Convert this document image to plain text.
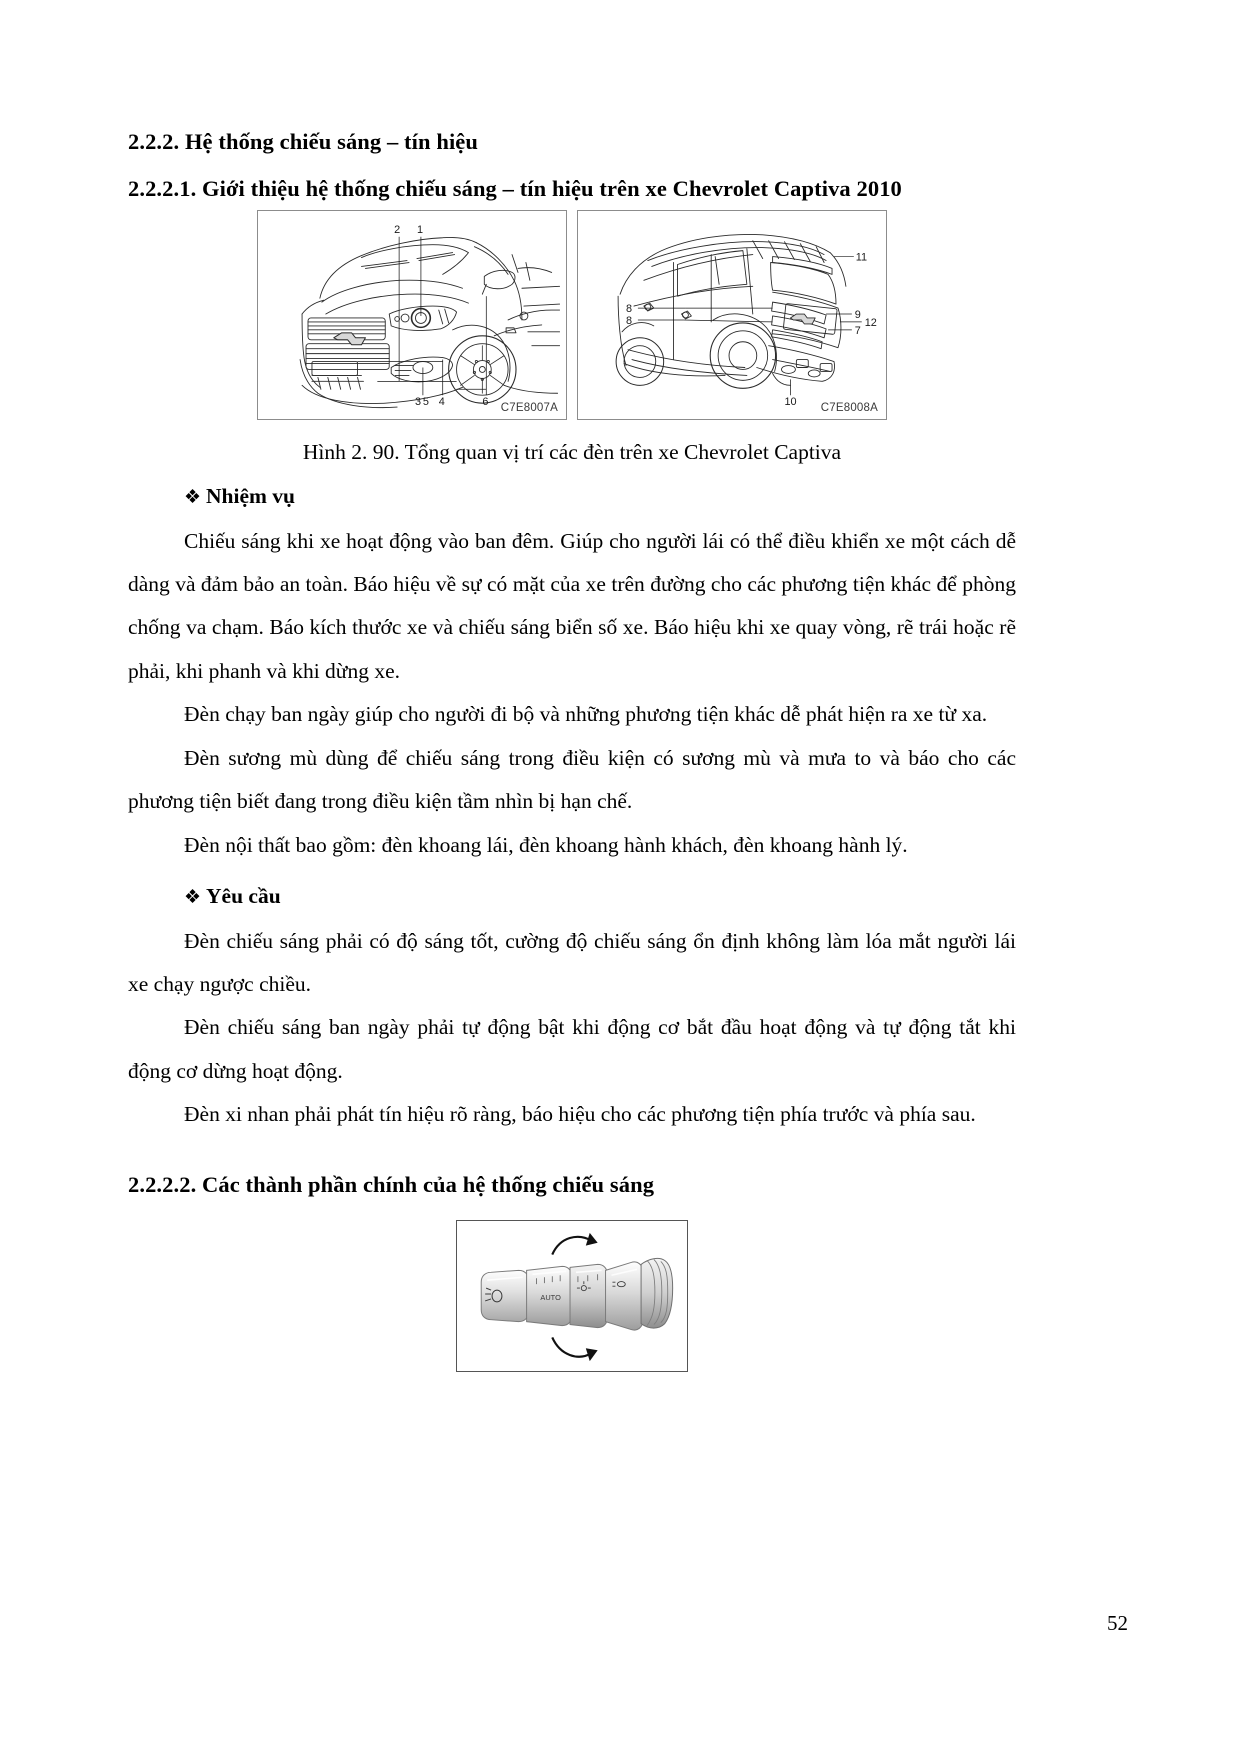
2.2.2. Hệ thống chiếu sáng – tín hiệu
2.2.2.1. Giới thiệu hệ thống chiếu sáng – tín hiệu trên xe Chevrolet Captiva 2010
2 1
3 5 4	6 C7E8007A
11
8
8	9
7
12
10 C7E8008A
Hình 2. 90. Tổng quan vị trí các đèn trên xe Chevrolet Captiva
❖ Nhiệm vụ

Chiếu sáng khi xe hoạt động vào ban đêm. Giúp cho người lái có thể điều khiển xe một cách dễ dàng và đảm bảo an toàn. Báo hiệu về sự có mặt của xe trên đường cho các phương tiện khác để phòng chống va chạm. Báo kích thước xe và chiếu sáng biển số xe. Báo hiệu khi xe quay vòng, rẽ trái hoặc rẽ phải, khi phanh và khi dừng xe.

Đèn chạy ban ngày giúp cho người đi bộ và những phương tiện khác dễ phát hiện ra xe từ xa.

Đèn sương mù dùng để chiếu sáng trong điều kiện có sương mù và mưa to và báo cho các phương tiện biết đang trong điều kiện tầm nhìn bị hạn chế.

Đèn nội thất bao gồm: đèn khoang lái, đèn khoang hành khách, đèn khoang hành lý.

❖ Yêu cầu

Đèn chiếu sáng phải có độ sáng tốt, cường độ chiếu sáng ổn định không làm lóa mắt người lái xe chạy ngược chiều.

Đèn chiếu sáng ban ngày phải tự động bật khi động cơ bắt đầu hoạt động và tự động tắt khi động cơ dừng hoạt động.

Đèn xi nhan phải phát tín hiệu rõ ràng, báo hiệu cho các phương tiện phía trước và phía sau.

2.2.2.2. Các thành phần chính của hệ thống chiếu sáng
AUTO
52
